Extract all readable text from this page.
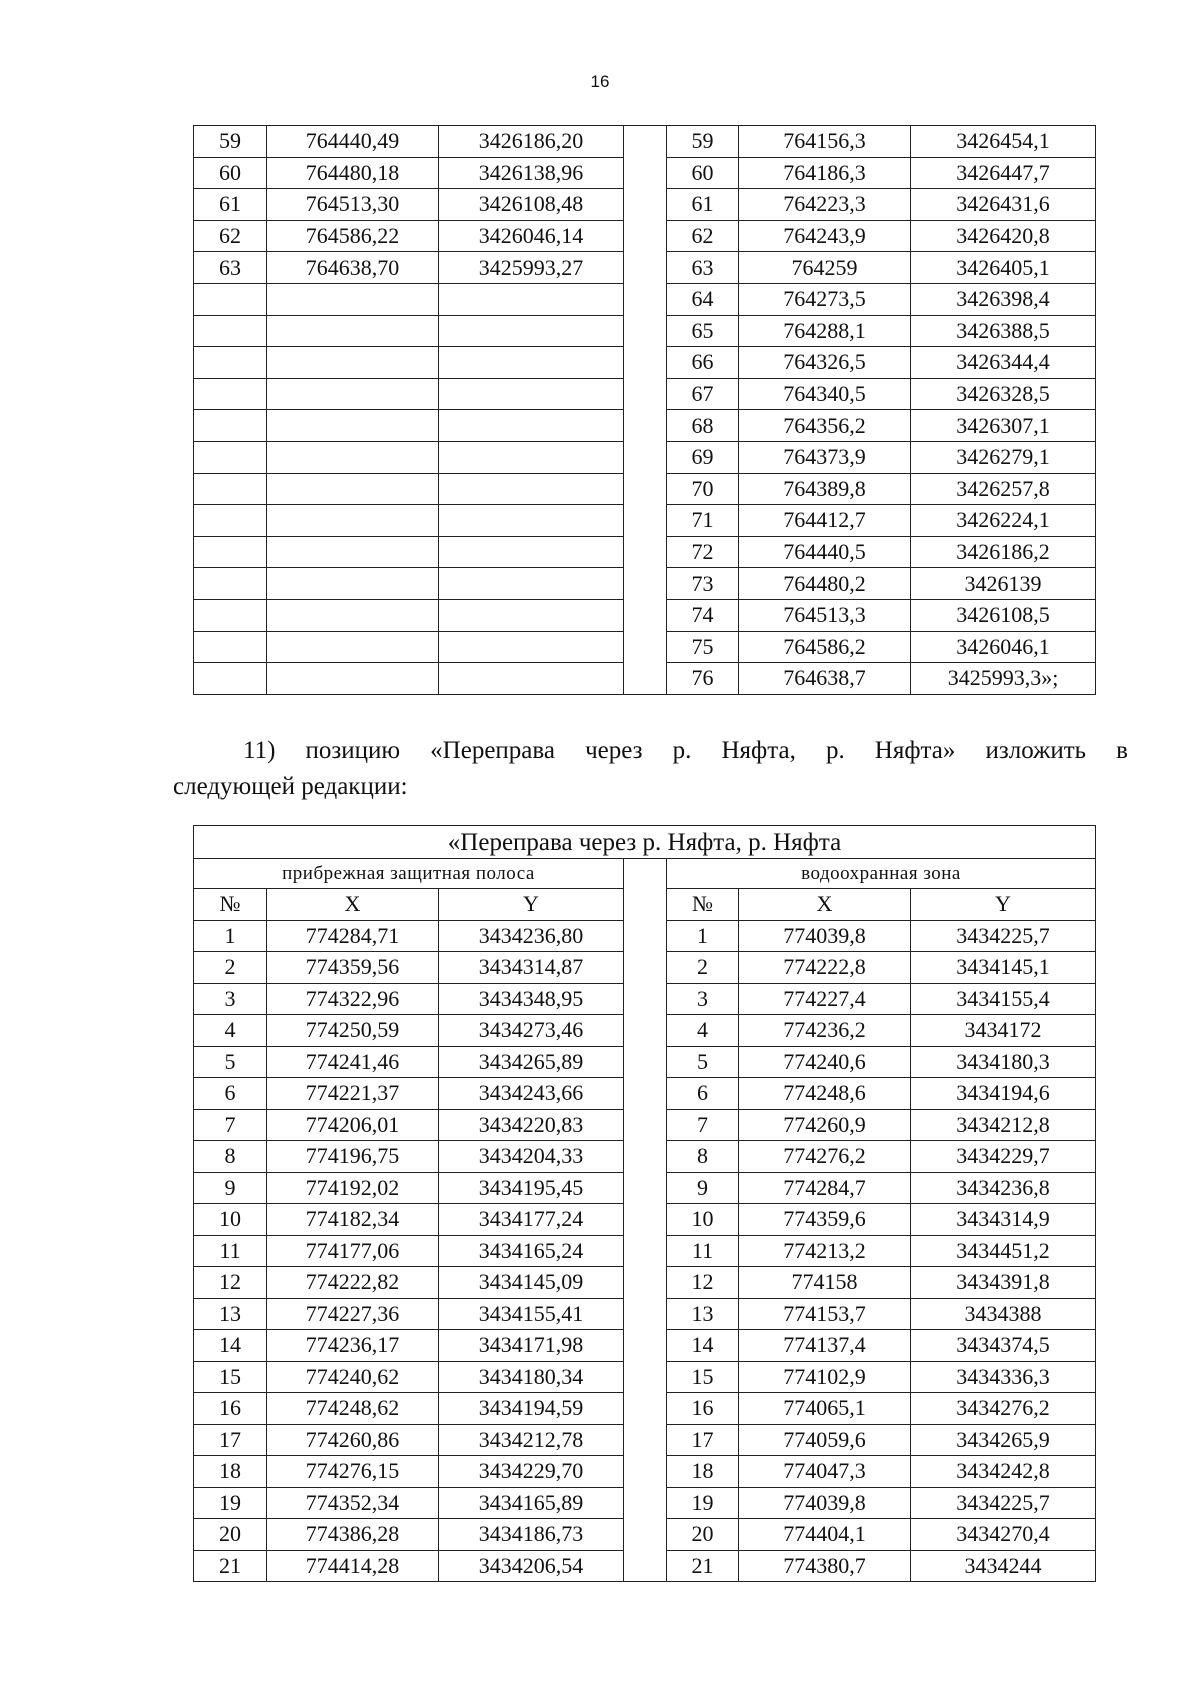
16
59	764440,49	3426186,20		59	764156,3	3426454,1
60	764480,18	3426138,96		60	764186,3	3426447,7
61	764513,30	3426108,48		61	764223,3	3426431,6
62	764586,22	3426046,14		62	764243,9	3426420,8
63	764638,70	3425993,27		63	764259	3426405,1
				64	764273,5	3426398,4
				65	764288,1	3426388,5
				66	764326,5	3426344,4
				67	764340,5	3426328,5
				68	764356,2	3426307,1
				69	764373,9	3426279,1
				70	764389,8	3426257,8
				71	764412,7	3426224,1
				72	764440,5	3426186,2
				73	764480,2	3426139
				74	764513,3	3426108,5
				75	764586,2	3426046,1
				76	764638,7	3425993,3»;
11) позицию «Переправа через р. Няфта, р. Няфта» изложить в
следующей редакции:
«Переправа через р. Няфта, р. Няфта						
прибрежная защитная полоса				водоохранная зона		
№	X	Y		№	X	Y
1	774284,71	3434236,80		1	774039,8	3434225,7
2	774359,56	3434314,87		2	774222,8	3434145,1
3	774322,96	3434348,95		3	774227,4	3434155,4
4	774250,59	3434273,46		4	774236,2	3434172
5	774241,46	3434265,89		5	774240,6	3434180,3
6	774221,37	3434243,66		6	774248,6	3434194,6
7	774206,01	3434220,83		7	774260,9	3434212,8
8	774196,75	3434204,33		8	774276,2	3434229,7
9	774192,02	3434195,45		9	774284,7	3434236,8
10	774182,34	3434177,24		10	774359,6	3434314,9
11	774177,06	3434165,24		11	774213,2	3434451,2
12	774222,82	3434145,09		12	774158	3434391,8
13	774227,36	3434155,41		13	774153,7	3434388
14	774236,17	3434171,98		14	774137,4	3434374,5
15	774240,62	3434180,34		15	774102,9	3434336,3
16	774248,62	3434194,59		16	774065,1	3434276,2
17	774260,86	3434212,78		17	774059,6	3434265,9
18	774276,15	3434229,70		18	774047,3	3434242,8
19	774352,34	3434165,89		19	774039,8	3434225,7
20	774386,28	3434186,73		20	774404,1	3434270,4
21	774414,28	3434206,54		21	774380,7	3434244
